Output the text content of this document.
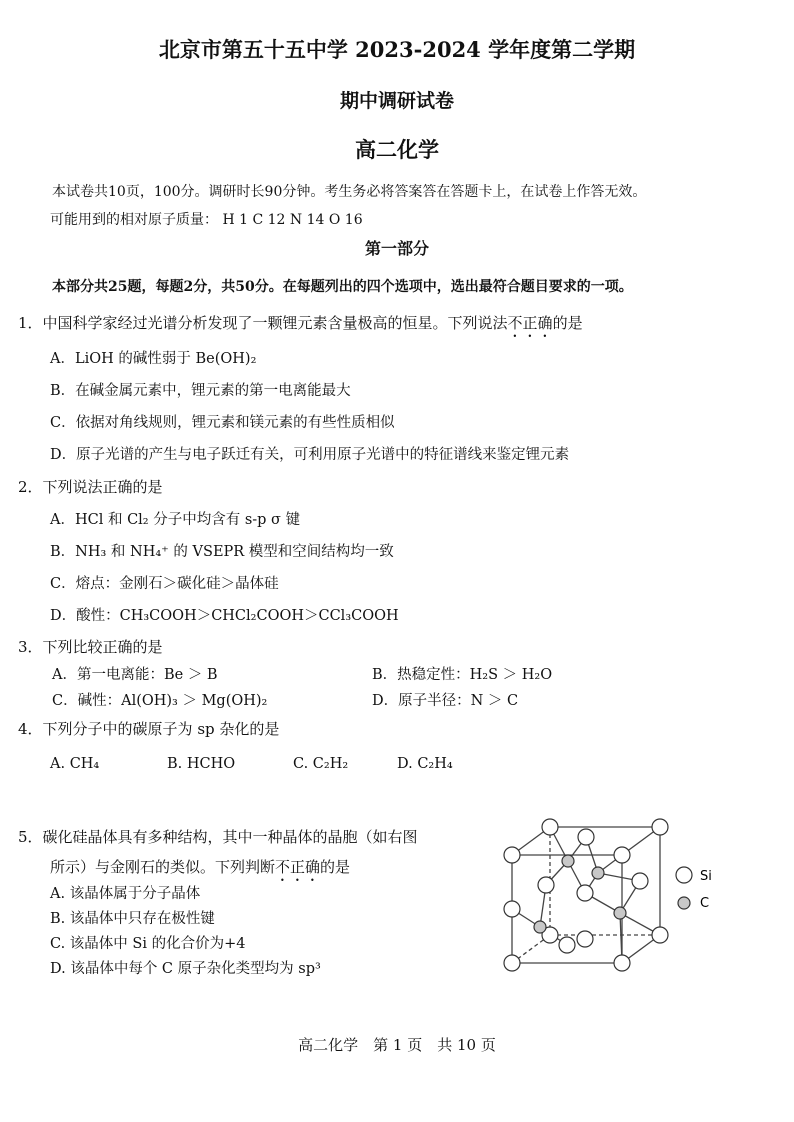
北京市第五十五中学 2023-2024 学年度第二学期
期中调研试卷
高二化学
本试卷共10页，100分。调研时长90分钟。考生务必将答案答在答题卡上，在试卷上作答无效。
可能用到的相对原子质量： H 1 C 12 N 14 O 16
第一部分
本部分共25题，每题2分，共50分。在每题列出的四个选项中，选出最符合题目要求的一项。
1．中国科学家经过光谱分析发现了一颗锂元素含量极高的恒星。下列说法不正确的是
A．LiOH 的碱性弱于 Be(OH)₂
B．在碱金属元素中，锂元素的第一电离能最大
C．依据对角线规则，锂元素和镁元素的有些性质相似
D．原子光谱的产生与电子跃迁有关，可利用原子光谱中的特征谱线来鉴定锂元素
2．下列说法正确的是
A．HCl 和 Cl₂ 分子中均含有 s-p σ 键
B．NH₃ 和 NH₄⁺ 的 VSEPR 模型和空间结构均一致
C．熔点：金刚石＞碳化硅＞晶体硅
D．酸性：CH₃COOH＞CHCl₂COOH＞CCl₃COOH
3．下列比较正确的是
A．第一电离能：Be ＞ B	B．热稳定性：H₂S ＞ H₂O
C．碱性：Al(OH)₃ ＞ Mg(OH)₂	D．原子半径：N ＞ C
4．下列分子中的碳原子为 sp 杂化的是
A. CH₄	B. HCHO	C. C₂H₂	D. C₂H₄
5．碳化硅晶体具有多种结构，其中一种晶体的晶胞（如右图
所示）与金刚石的类似。下列判断不正确的是
A. 该晶体属于分子晶体
B. 该晶体中只存在极性键
C. 该晶体中 Si 的化合价为+4
D. 该晶体中每个 C 原子杂化类型均为 sp³
Si
C
高二化学　第 1 页　共 10 页
